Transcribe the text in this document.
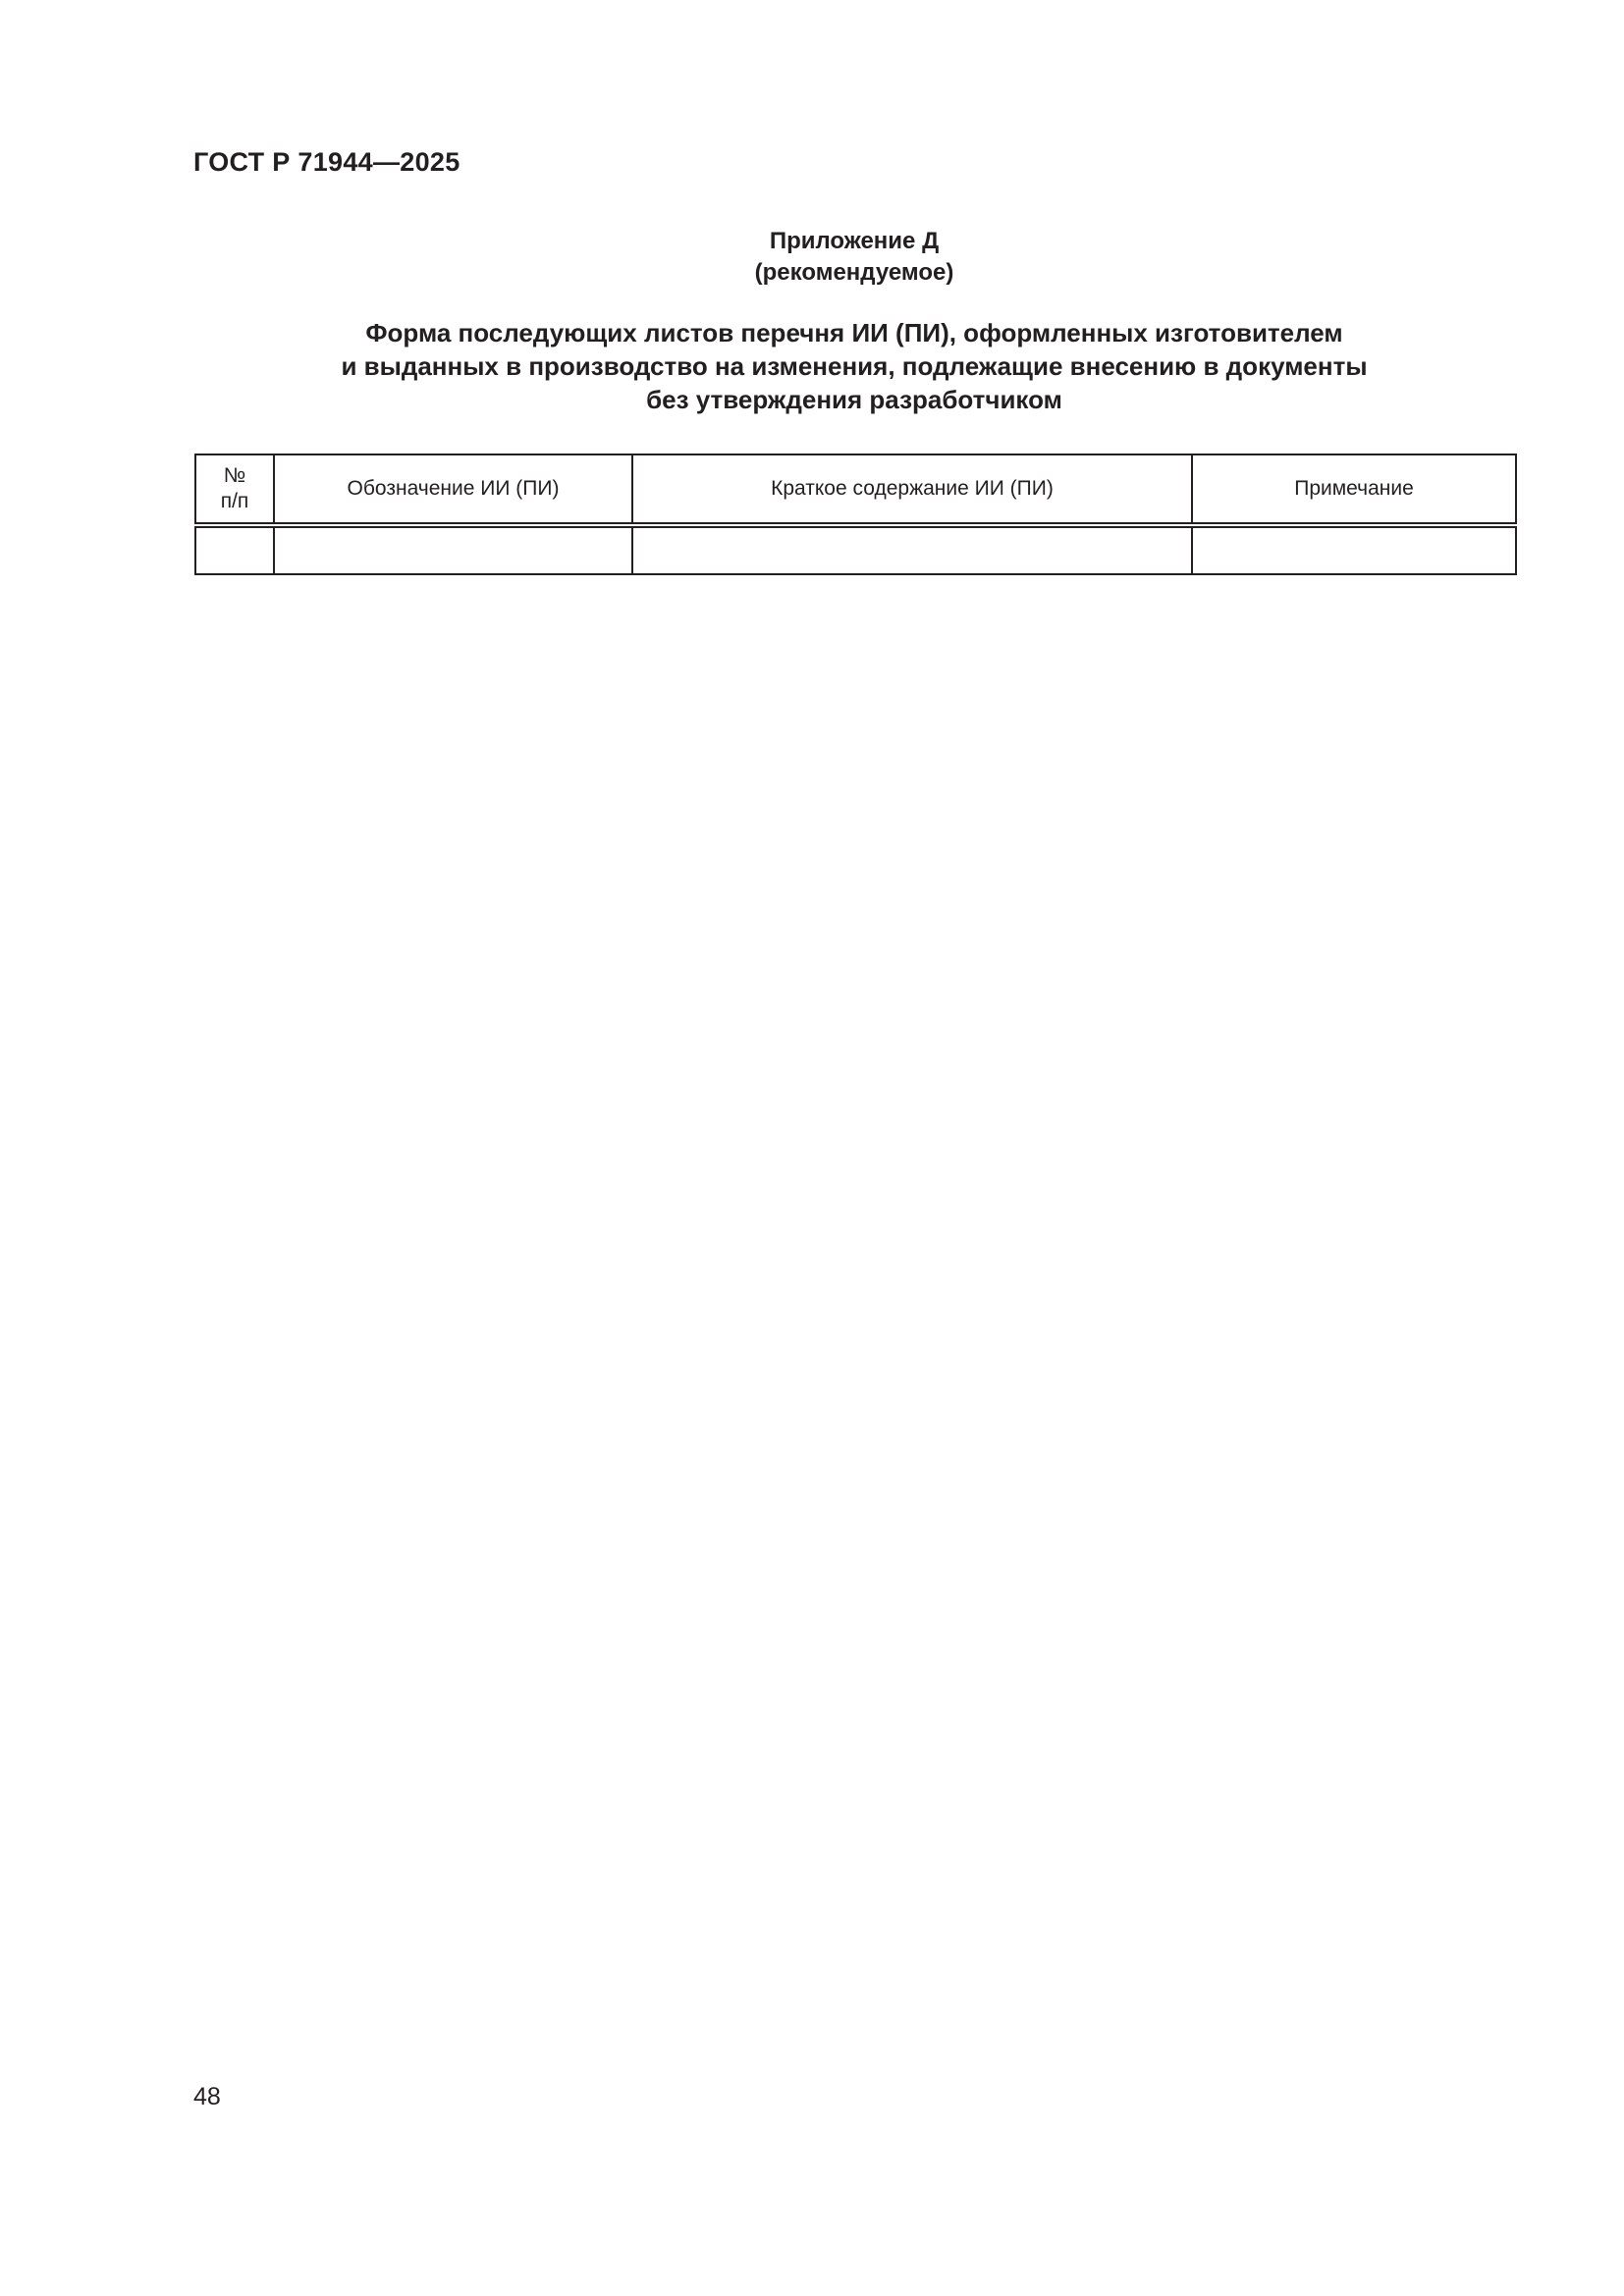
ГОСТ Р 71944—2025
Приложение Д
(рекомендуемое)
Форма последующих листов перечня ИИ (ПИ), оформленных изготовителем
и выданных в производство на изменения, подлежащие внесению в документы
без утверждения разработчиком
№
п/п	Обозначение ИИ (ПИ)	Краткое содержание ИИ (ПИ)	Примечание

48
